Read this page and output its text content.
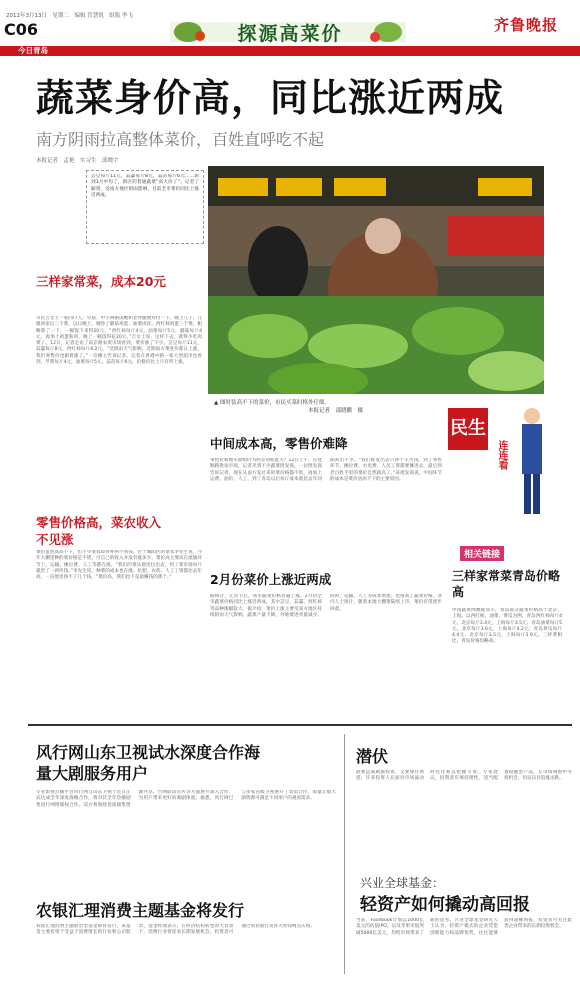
2012年3月13日　星期二　编辑 管慧锐　组版 李飞	齐鲁晚报
C06	探源高菜价
今日青岛
蔬菜身价高，同比涨近两成
南方阴雨拉高整体菜价，百姓直呼吃不起
本报记者　孟艳　实习生　邱晓宇
芸豆每斤11元，蒜薹每斤8元，蒜苗每斤6元……新到3月中旬了，新区的普通蔬菜“高大价了”。记者了解到，受南方地区阴雨影响，目前全市菜价同比上涨近两成。
三样家常菜，成本20元
市民吉女士一家四口人，早晨、中午两顿饭她和老伴随便对付一下，晚上儿子、儿媳回家后三个菜，以日晚上，她炒了蘑菇鸡蛋、油菜肉丝、西红柿鸡蛋三个菜，粗略算了一下，一顿饭下来得20元。“西红柿每斤4元，油菜每斤5元，蘑菇每斤4元，再加上鸡蛋和肉，晚上一顿饭得花20元。”吉女士说，这样下去，就得少吃肉菜了。12日，记者走访了南京路农贸市场看到，菜价涨了不少。芸豆每斤11元，蒜薹每斤8元，西红柿每斤4.2元。“受阴雨天气影响，近期南方菜进价都在上涨，我们零售价也跟着涨了。”一位摊主告诉记者。记者在香港中路一家大型超市也看到，芹菜每斤4元，油菜每斤5元，蒜苗每斤6元，价格均比上月有所上涨。
零售价格高，菜农收入不见涨
菜价虽然高高不下，但不少菜农却喜呼利不到钱。位于城阳区的菜农李先生说，今年大棚里种的菜价格是不错，可自己的收入并没有涨多少，菜价高主要高在流通环节上，运输、摊位费、人工等都在涨。“我们的菜从地里拉出去，到了菜市场每斤就贵了一两块钱。”李先生说，种菜的成本也在涨，化肥、农药、人工工资都比去年高，一亩地里挣不了几个钱。“菜价高，我们也不是最赚钱的那个。”
▲ 图时装高不下的菜价，市民买菜时格外仔细。
本报记者　邵晓鹏　摄
民生
连连看
中间成本高，零售价难降
零售价和地头收购价为何差别如此大？12日上午，在抚顺路批发市场，记者见到不少蔬菜批发商。一位批发商告诉记者，现在从南方发过来的菜价格都不低，再加上运费、油价、人工，到了青岛以后每斤成本就比去年同期高出不少。“我们批发出去只挣个辛苦钱，到了零售环节，摊位费、水电费、人员工资都要摊进去，最后到老百姓手里的菜价自然就高了。”该批发商说，中间环节的成本是菜价居高不下的主要原因。
2月份菜价上涨近两成
据统计，元宵节后，我市蔬菜价格普遍上涨。2月份全市蔬菜价格同比上涨近两成，其中芸豆、蒜薹、西红柿等品种涨幅较大。据介绍，菜价上涨主要受南方地区持续阴雨天气影响，蔬菜产量下降，外地菜进青量减少。同时，运输、人工等成本增加，也推高了蔬菜价格。业内人士预计，随着本地大棚菜陆续上市，菜价有望逐步回落。
相关链接
三样家常菜青岛价略高
中国蔬菜网数据显示，青岛部分蔬菜价格高于北京、上海。以西红柿、油菜、黄瓜为例，青岛西红柿每斤4元，北京每斤3.4元，上海每斤3.5元；青岛油菜每斤5元，北京每斤3.6元，上海每斤4.2元；青岛黄瓜每斤4.4元，北京每斤3.5元，上海每斤3.9元。三样菜相比，青岛价格均略高。
风行网山东卫视试水深度合作海量大剧服务用户
专业影视点播平台风行网与山东卫视于近日正式达成全年深度战略合作，将对其全年热播剧集进行网络版权合作。双方将围绕优质剧集资源共享、台网联动宣传等方面展开深入合作，为用户带来更好的观剧体验。据悉，风行网已与多家省级卫视展开了类似合作，海量正版大剧资源可满足不同用户的观看需求。
农银汇理消费主题基金将发行
农银汇理消费主题股票型基金即将发行，该基金主要投资于受益于消费增长的行业和公司股票，基金经理表示，在经济结构转型的大背景下，消费行业将迎来长期发展机会。投资者可通过农业银行及各大券商网点认购。
潜伏
既要远离刺激投资，又要保住诱惑，许多投资人在面对市场波动时往往难以把握节奏。专家建议，投资者应保持理性，适当配置稳健型产品，在市场调整中寻找机会，切忌盲目追涨杀跌。
兴业全球基金：
轻资产如何撬动高回报
当前，Facebook计划以1000亿美元的估值IPO，以及苹果市值突破5000亿美元，均给市场带来了新的思考。兴业全球基金研究人士认为，轻资产模式的企业凭借创新能力和品牌优势，往往能够获得超额回报，投资者可关注此类企业带来的长期投资机会。
